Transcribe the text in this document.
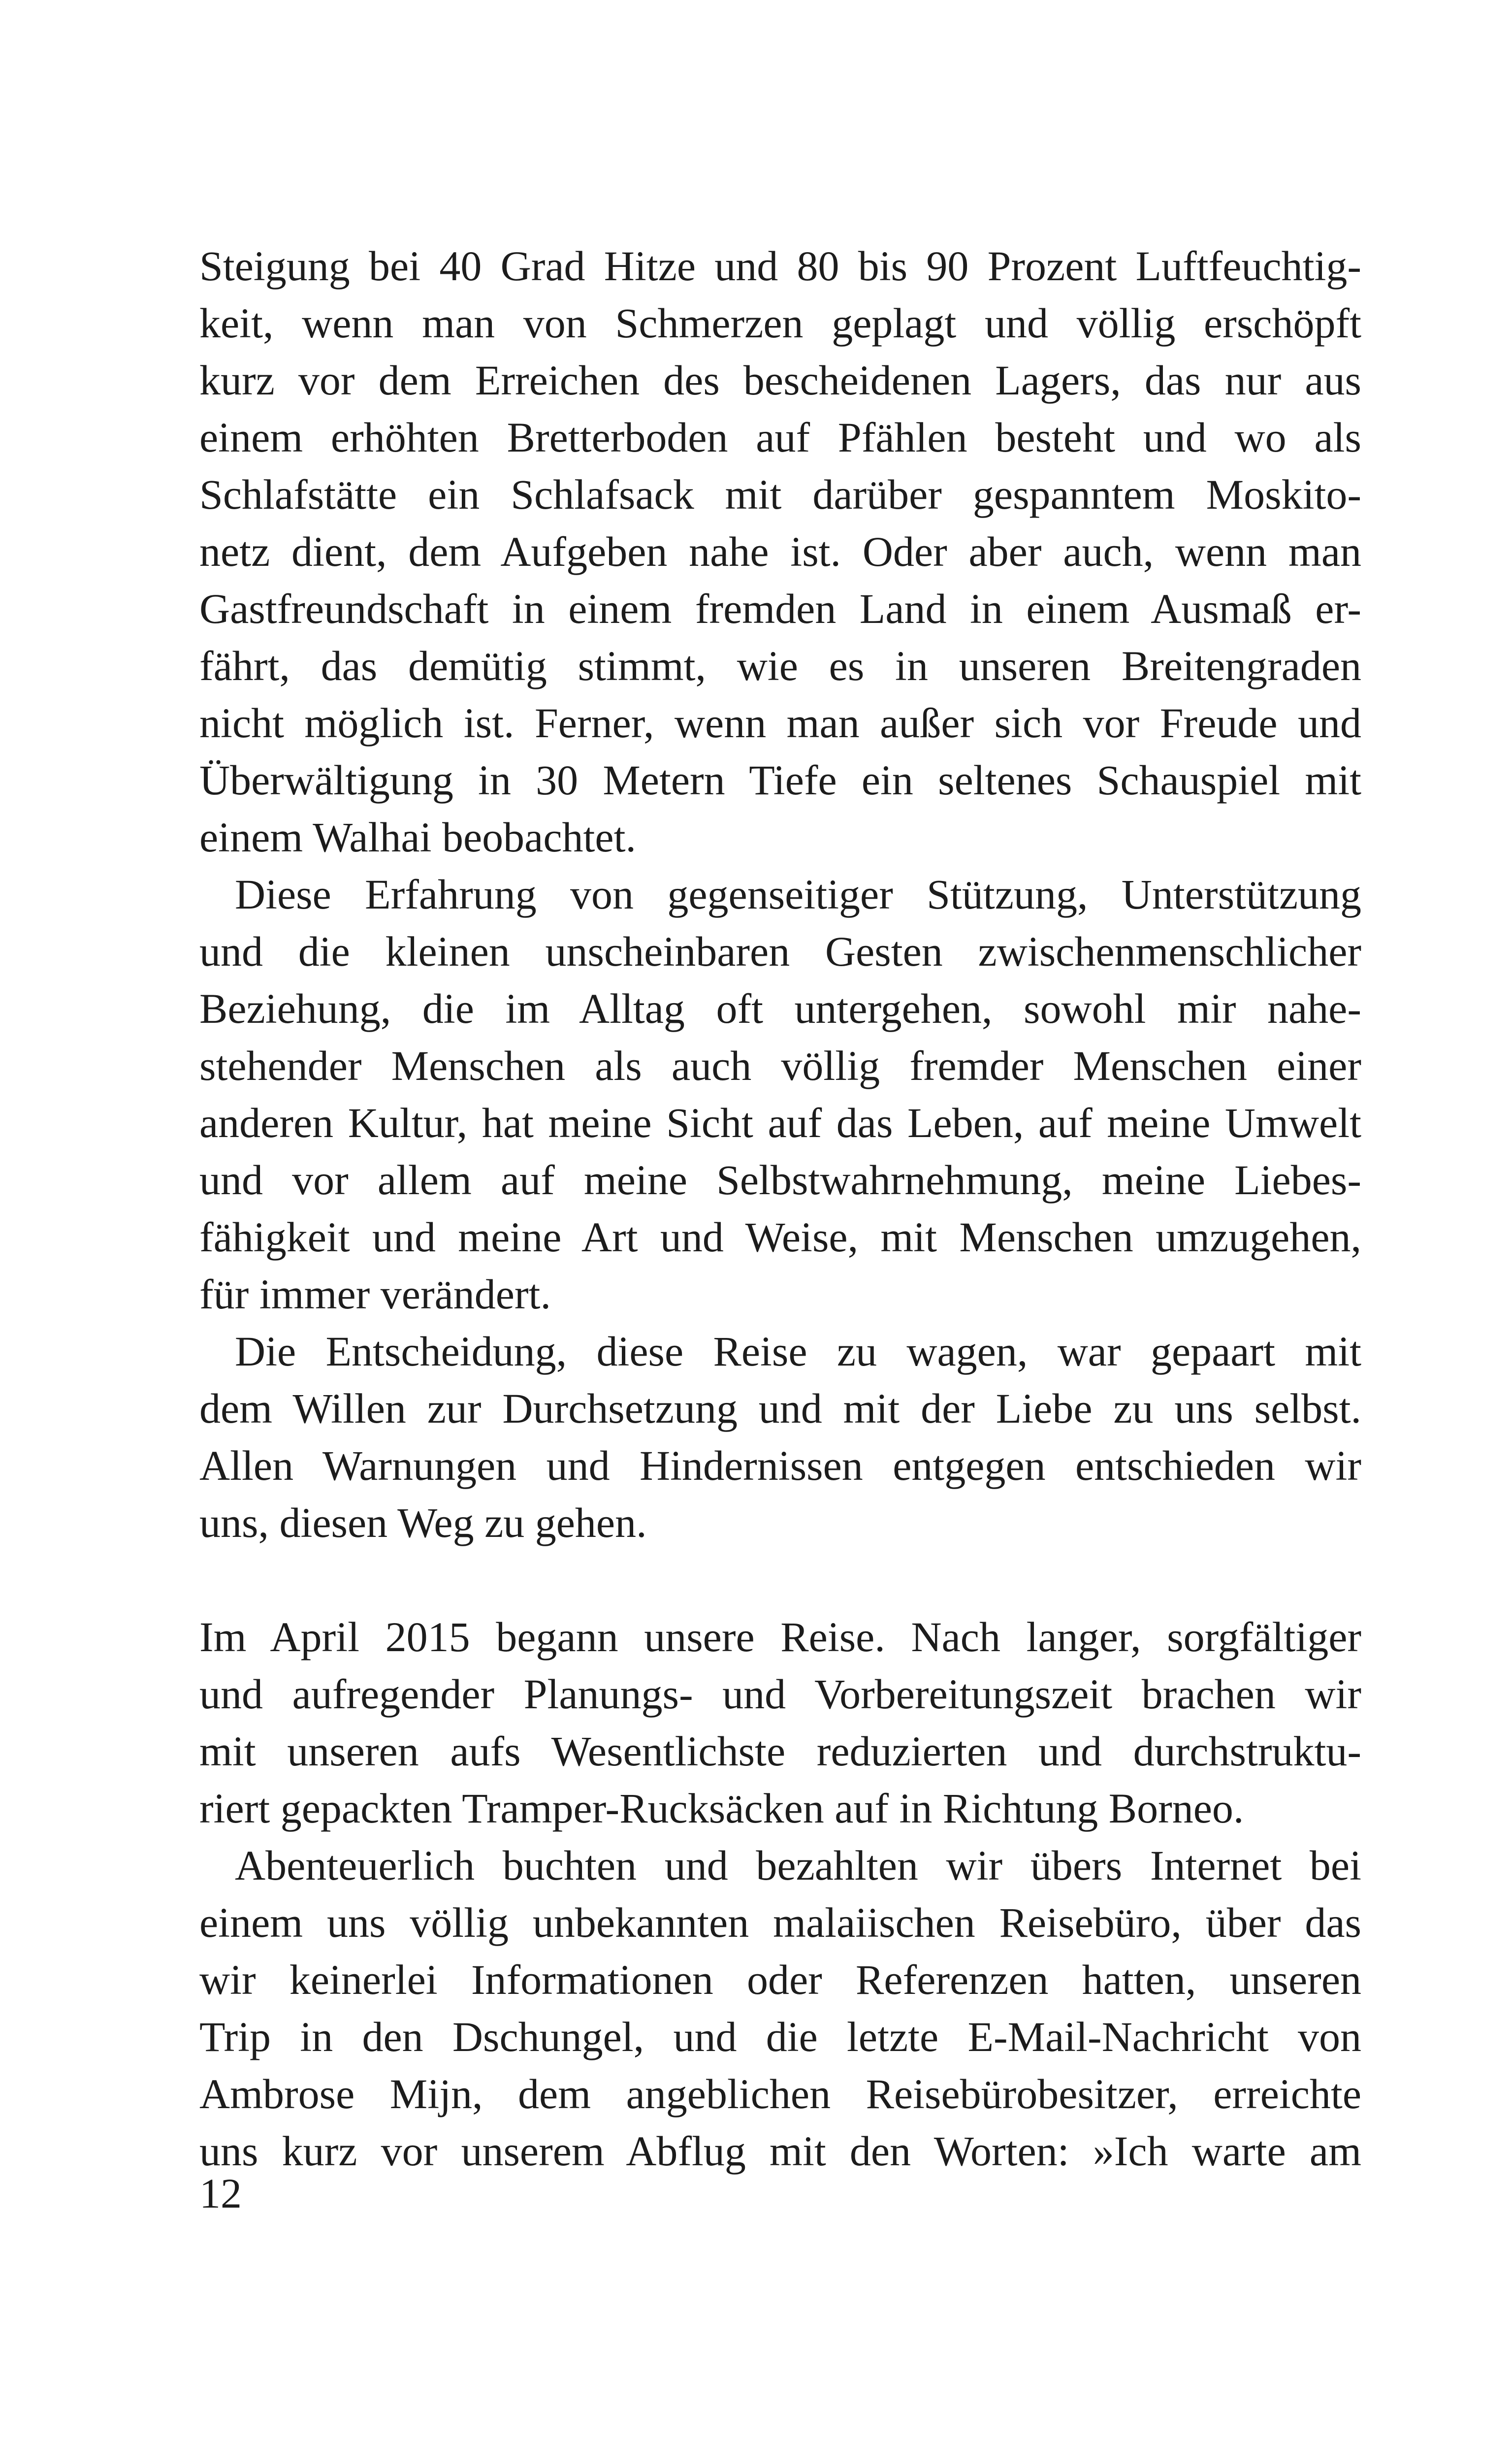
Steigung bei 40 Grad Hitze und 80 bis 90 Prozent Luftfeuchtig-
keit, wenn man von Schmerzen geplagt und völlig erschöpft
kurz vor dem Erreichen des bescheidenen Lagers, das nur aus
einem erhöhten Bretterboden auf Pfählen besteht und wo als
Schlafstätte ein Schlafsack mit darüber gespanntem Moskito-
netz dient, dem Aufgeben nahe ist. Oder aber auch, wenn man
Gastfreundschaft in einem fremden Land in einem Ausmaß er-
fährt, das demütig stimmt, wie es in unseren Breitengraden
nicht möglich ist. Ferner, wenn man außer sich vor Freude und
Überwältigung in 30 Metern Tiefe ein seltenes Schauspiel mit
einem Walhai beobachtet.
Diese Erfahrung von gegenseitiger Stützung, Unterstützung
und die kleinen unscheinbaren Gesten zwischenmenschlicher
Beziehung, die im Alltag oft untergehen, sowohl mir nahe-
stehender Menschen als auch völlig fremder Menschen einer
anderen Kultur, hat meine Sicht auf das Leben, auf meine Umwelt
und vor allem auf meine Selbstwahrnehmung, meine Liebes-
fähigkeit und meine Art und Weise, mit Menschen umzugehen,
für immer verändert.
Die Entscheidung, diese Reise zu wagen, war gepaart mit
dem Willen zur Durchsetzung und mit der Liebe zu uns selbst.
Allen Warnungen und Hindernissen entgegen entschieden wir
uns, diesen Weg zu gehen.
Im April 2015 begann unsere Reise. Nach langer, sorgfältiger
und aufregender Planungs- und Vorbereitungszeit brachen wir
mit unseren aufs Wesentlichste reduzierten und durchstruktu-
riert gepackten Tramper-Rucksäcken auf in Richtung Borneo.
Abenteuerlich buchten und bezahlten wir übers Internet bei
einem uns völlig unbekannten malaiischen Reisebüro, über das
wir keinerlei Informationen oder Referenzen hatten, unseren
Trip in den Dschungel, und die letzte E-Mail-Nachricht von
Ambrose Mijn, dem angeblichen Reisebürobesitzer, erreichte
uns kurz vor unserem Abflug mit den Worten: »Ich warte am
12
